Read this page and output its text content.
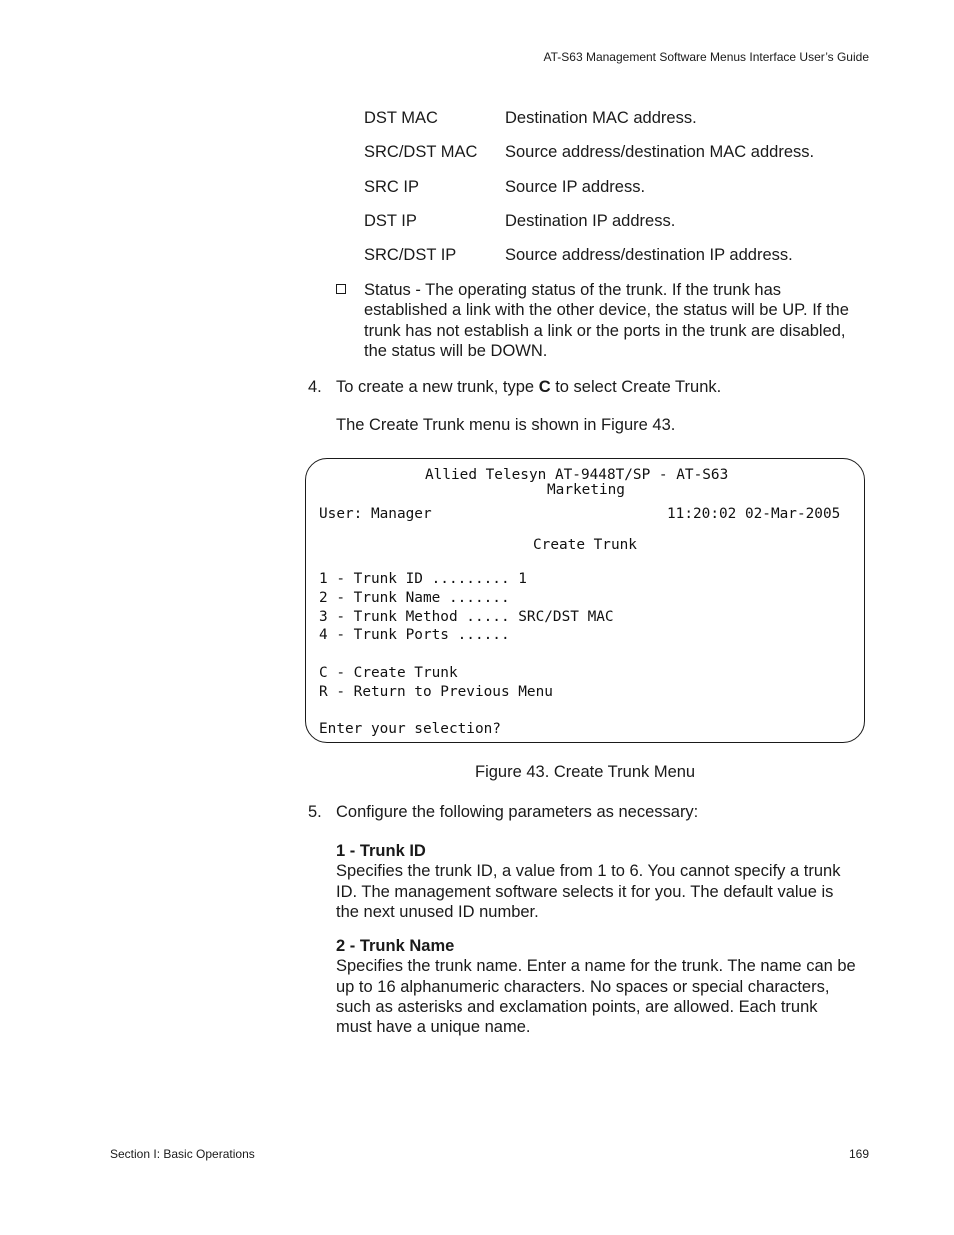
AT-S63 Management Software Menus Interface User’s Guide
DST MAC	Destination MAC address.
SRC/DST MAC	Source address/destination MAC address.
SRC IP	Source IP address.
DST IP	Destination IP address.
SRC/DST IP	Source address/destination IP address.
Status - The operating status of the trunk. If the trunk has
established a link with the other device, the status will be UP. If the
trunk has not establish a link or the ports in the trunk are disabled,
the status will be DOWN.
4. To create a new trunk, type C to select Create Trunk.
The Create Trunk menu is shown in Figure 43.
Allied Telesyn AT-9448T/SP - AT-S63
Marketing
User: Manager	11:20:02 02-Mar-2005
Create Trunk
1 - Trunk ID ......... 1
2 - Trunk Name .......
3 - Trunk Method ..... SRC/DST MAC
4 - Trunk Ports ......
C - Create Trunk
R - Return to Previous Menu
Enter your selection?
Figure 43. Create Trunk Menu
5. Configure the following parameters as necessary:
1 - Trunk ID
Specifies the trunk ID, a value from 1 to 6. You cannot specify a trunk
ID. The management software selects it for you. The default value is
the next unused ID number.
2 - Trunk Name
Specifies the trunk name. Enter a name for the trunk. The name can be
up to 16 alphanumeric characters. No spaces or special characters,
such as asterisks and exclamation points, are allowed. Each trunk
must have a unique name.
Section I: Basic Operations	169
